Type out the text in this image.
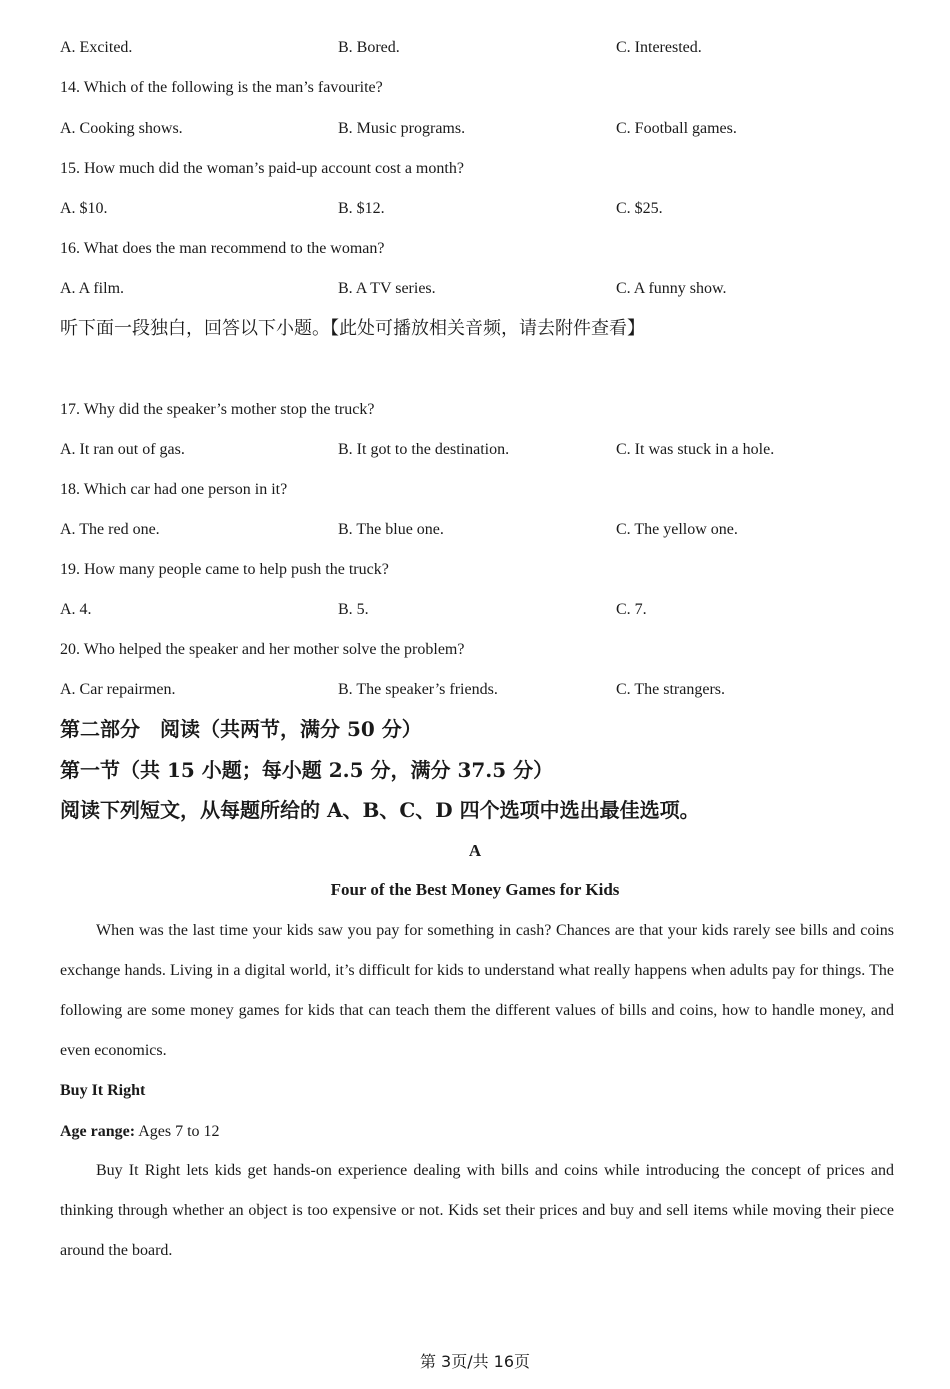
A. Excited.	B. Bored.	C. Interested.
14. Which of the following is the man’s favourite?
A. Cooking shows.	B. Music programs.	C. Football games.
15. How much did the woman’s paid-up account cost a month?
A. $10.	B. $12.	C. $25.
16. What does the man recommend to the woman?
A. A film.	B. A TV series.	C. A funny show.
听下面一段独白，回答以下小题。【此处可播放相关音频，请去附件查看】
17. Why did the speaker’s mother stop the truck?
A. It ran out of gas.	B. It got to the destination.	C. It was stuck in a hole.
18. Which car had one person in it?
A. The red one.	B. The blue one.	C. The yellow one.
19. How many people came to help push the truck?
A. 4.	B. 5.	C. 7.
20. Who helped the speaker and her mother solve the problem?
A. Car repairmen.	B. The speaker’s friends.	C. The strangers.
第二部分　阅读（共两节，满分 50 分）
第一节（共 15 小题；每小题 2.5 分，满分 37.5 分）
阅读下列短文，从每题所给的 A、B、C、D 四个选项中选出最佳选项。
A
Four of the Best Money Games for Kids
When was the last time your kids saw you pay for something in cash? Chances are that your kids rarely see bills and coins exchange hands. Living in a digital world, it’s difficult for kids to understand what really happens when adults pay for things. The following are some money games for kids that can teach them the different values of bills and coins, how to handle money, and even economics.
Buy It Right
Age range: Ages 7 to 12
Buy It Right lets kids get hands-on experience dealing with bills and coins while introducing the concept of prices and thinking through whether an object is too expensive or not. Kids set their prices and buy and sell items while moving their piece around the board.
第 3页/共 16页
